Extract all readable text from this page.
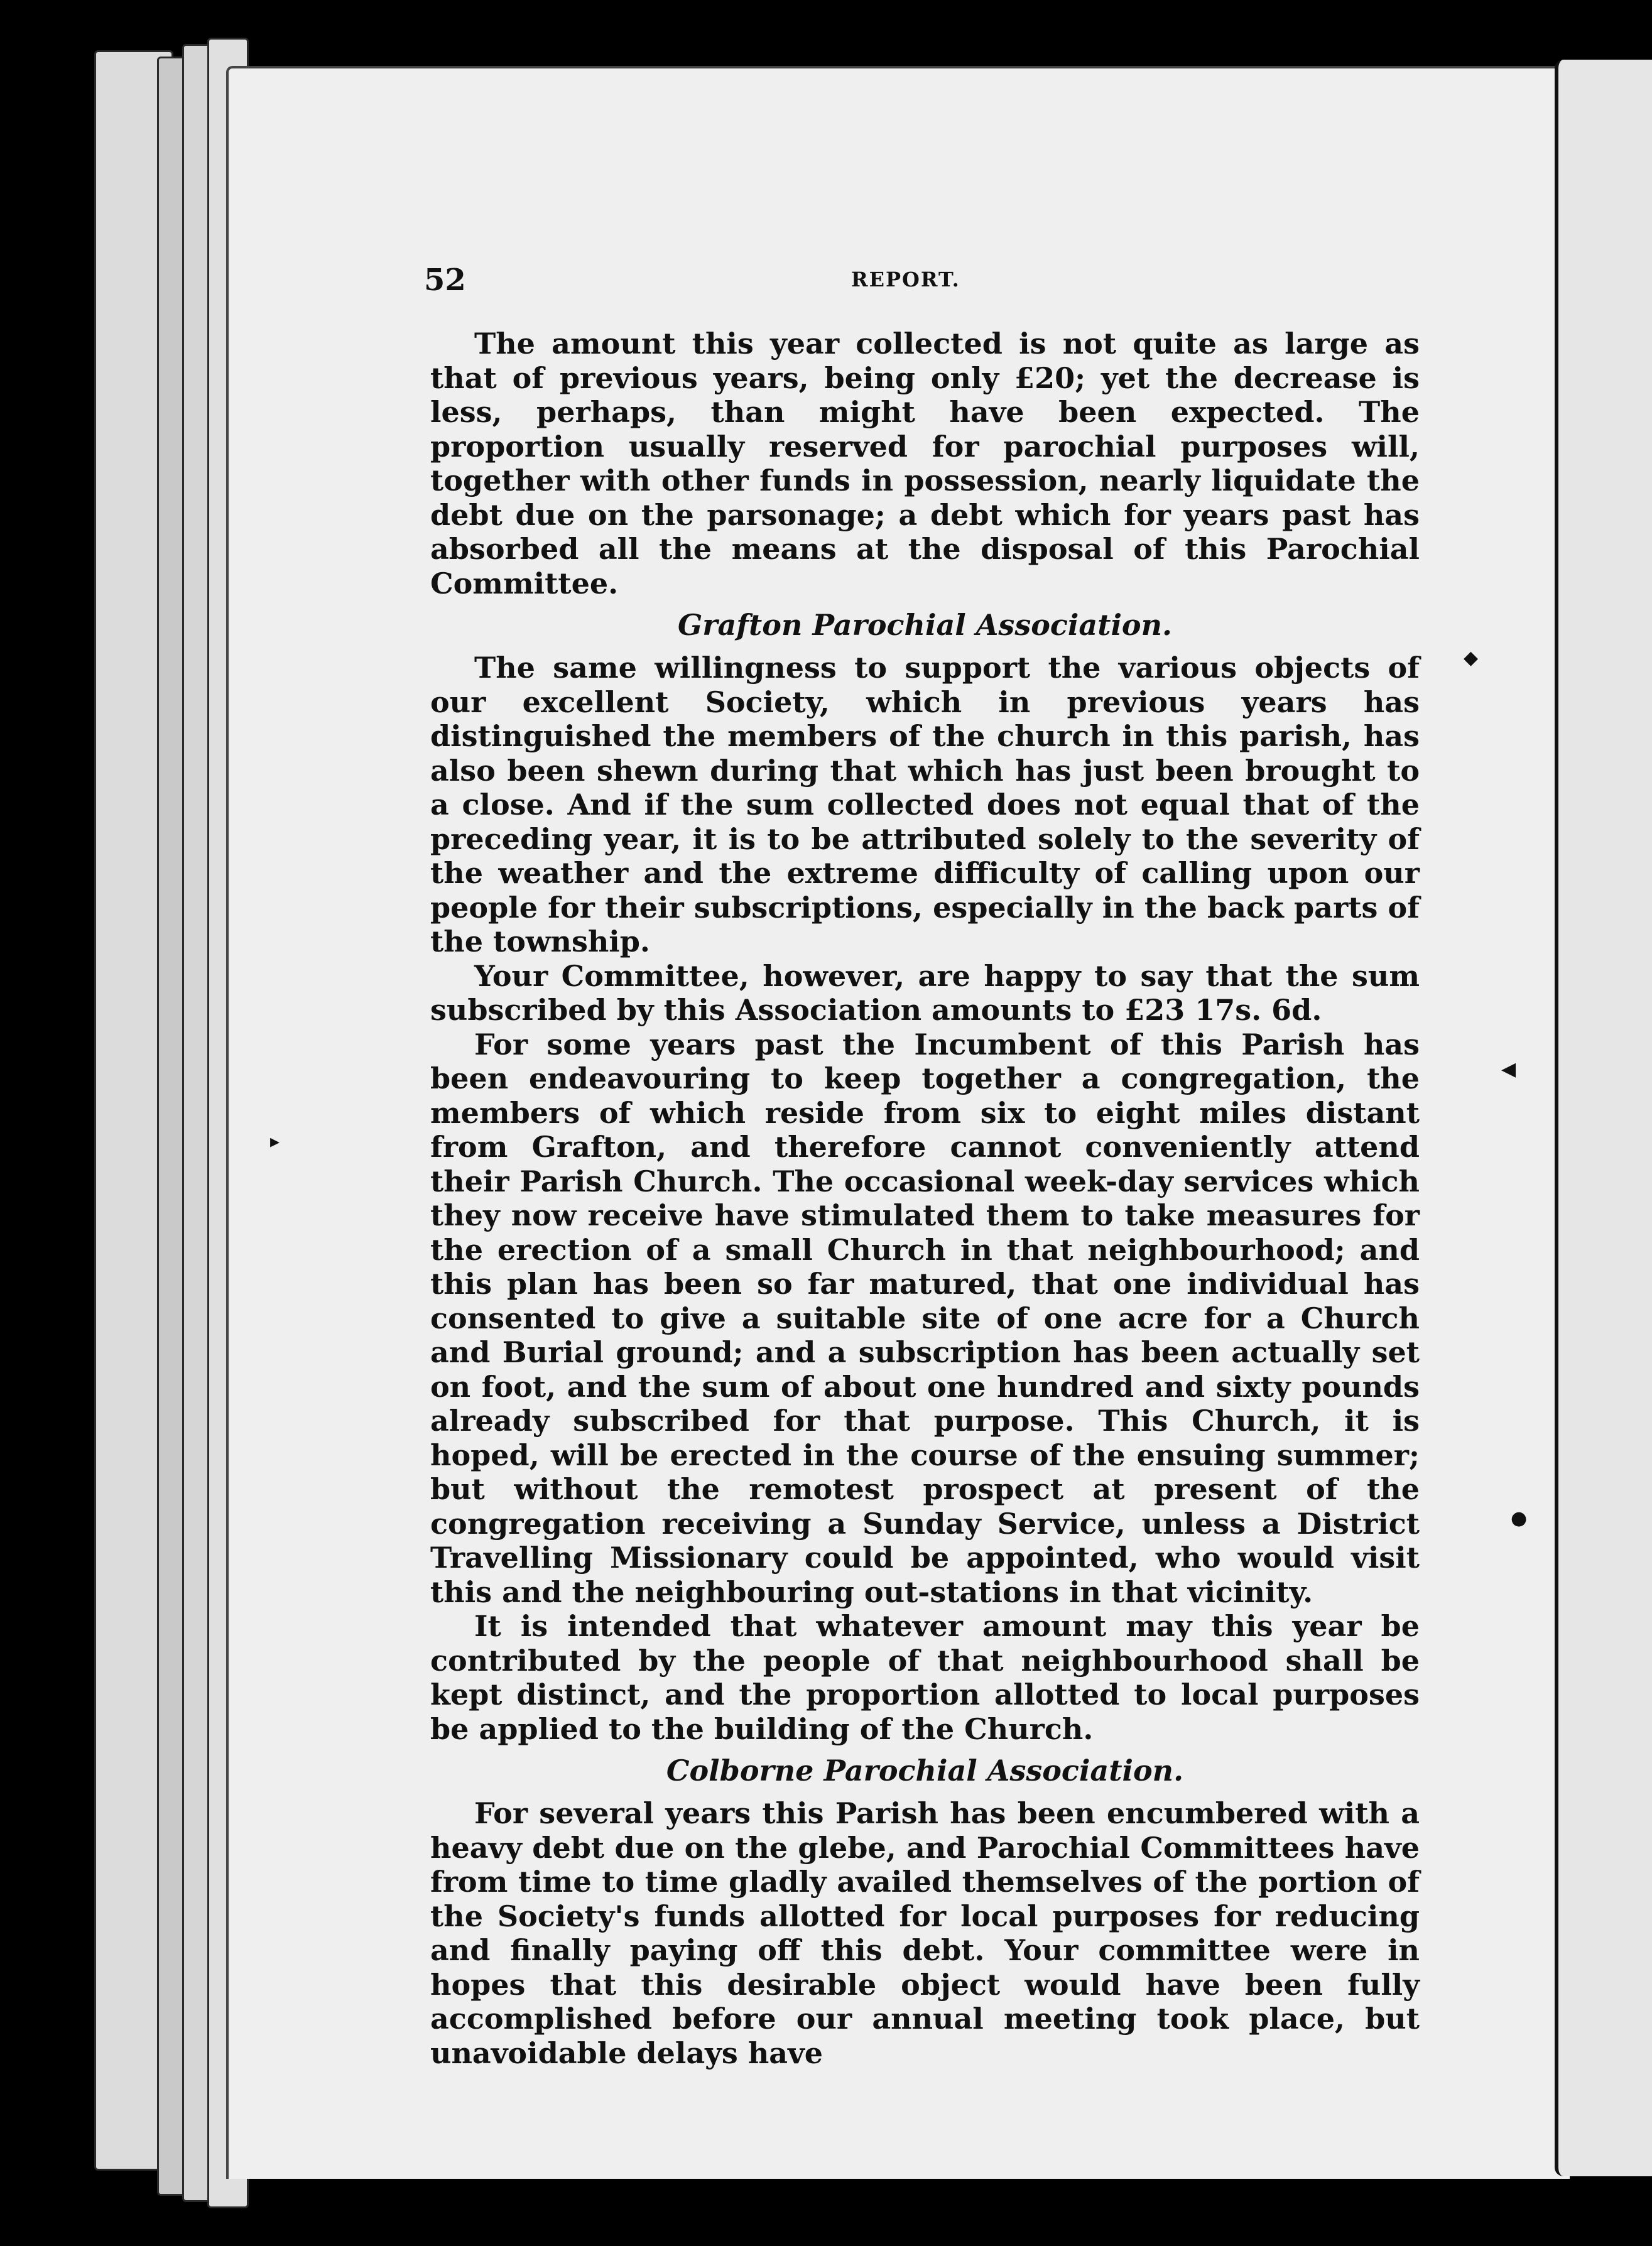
52	REPORT.

The amount this year collected is not quite as large as that of previous years, being only £20; yet the decrease is less, perhaps, than might have been expected. The proportion usually reserved for parochial purposes will, together with other funds in possession, nearly liquidate the debt due on the parsonage; a debt which for years past has absorbed all the means at the disposal of this Parochial Committee.

Grafton Parochial Association.

The same willingness to support the various objects of our excellent Society, which in previous years has distinguished the members of the church in this parish, has also been shewn during that which has just been brought to a close. And if the sum collected does not equal that of the preceding year, it is to be attributed solely to the severity of the weather and the extreme difficulty of calling upon our people for their subscriptions, especially in the back parts of the township.

Your Committee, however, are happy to say that the sum subscribed by this Association amounts to £23 17s. 6d.

For some years past the Incumbent of this Parish has been endeavouring to keep together a congregation, the members of which reside from six to eight miles distant from Grafton, and therefore cannot conveniently attend their Parish Church. The occasional week-day services which they now receive have stimulated them to take measures for the erection of a small Church in that neighbourhood; and this plan has been so far matured, that one individual has consented to give a suitable site of one acre for a Church and Burial ground; and a subscription has been actually set on foot, and the sum of about one hundred and sixty pounds already subscribed for that purpose. This Church, it is hoped, will be erected in the course of the ensuing summer; but without the remotest prospect at present of the congregation receiving a Sunday Service, unless a District Travelling Missionary could be appointed, who would visit this and the neighbouring out-stations in that vicinity.

It is intended that whatever amount may this year be contributed by the people of that neighbourhood shall be kept distinct, and the proportion allotted to local purposes be applied to the building of the Church.

Colborne Parochial Association.

For several years this Parish has been encumbered with a heavy debt due on the glebe, and Parochial Committees have from time to time gladly availed themselves of the portion of the Society's funds allotted for local purposes for reducing and finally paying off this debt. Your committee were in hopes that this desirable object would have been fully accomplished before our annual meeting took place, but unavoidable delays have

◆
◀
●
▸
